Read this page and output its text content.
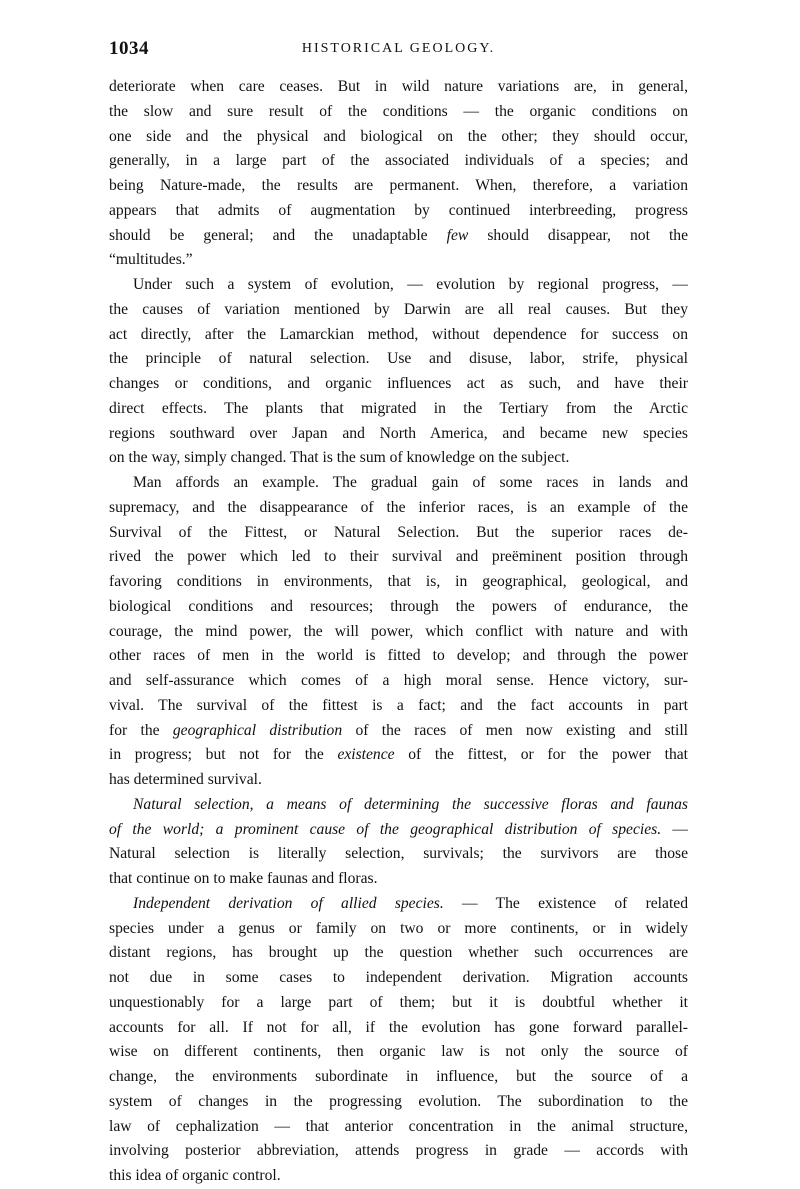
1034	HISTORICAL GEOLOGY.
deteriorate when care ceases. But in wild nature variations are, in general,
the slow and sure result of the conditions — the organic conditions on
one side and the physical and biological on the other; they should occur,
generally, in a large part of the associated individuals of a species; and
being Nature-made, the results are permanent. When, therefore, a variation
appears that admits of augmentation by continued interbreeding, progress
should be general; and the unadaptable few should disappear, not the
“multitudes.”
Under such a system of evolution, — evolution by regional progress, —
the causes of variation mentioned by Darwin are all real causes. But they
act directly, after the Lamarckian method, without dependence for success on
the principle of natural selection. Use and disuse, labor, strife, physical
changes or conditions, and organic influences act as such, and have their
direct effects. The plants that migrated in the Tertiary from the Arctic
regions southward over Japan and North America, and became new species
on the way, simply changed. That is the sum of knowledge on the subject.
Man affords an example. The gradual gain of some races in lands and
supremacy, and the disappearance of the inferior races, is an example of the
Survival of the Fittest, or Natural Selection. But the superior races de-
rived the power which led to their survival and preëminent position through
favoring conditions in environments, that is, in geographical, geological, and
biological conditions and resources; through the powers of endurance, the
courage, the mind power, the will power, which conflict with nature and with
other races of men in the world is fitted to develop; and through the power
and self-assurance which comes of a high moral sense. Hence victory, sur-
vival. The survival of the fittest is a fact; and the fact accounts in part
for the geographical distribution of the races of men now existing and still
in progress; but not for the existence of the fittest, or for the power that
has determined survival.
Natural selection, a means of determining the successive floras and faunas
of the world; a prominent cause of the geographical distribution of species. —
Natural selection is literally selection, survivals; the survivors are those
that continue on to make faunas and floras.
Independent derivation of allied species. — The existence of related
species under a genus or family on two or more continents, or in widely
distant regions, has brought up the question whether such occurrences are
not due in some cases to independent derivation. Migration accounts
unquestionably for a large part of them; but it is doubtful whether it
accounts for all. If not for all, if the evolution has gone forward parallel-
wise on different continents, then organic law is not only the source of
change, the environments subordinate in influence, but the source of a
system of changes in the progressing evolution. The subordination to the
law of cephalization — that anterior concentration in the animal structure,
involving posterior abbreviation, attends progress in grade — accords with
this idea of organic control.
